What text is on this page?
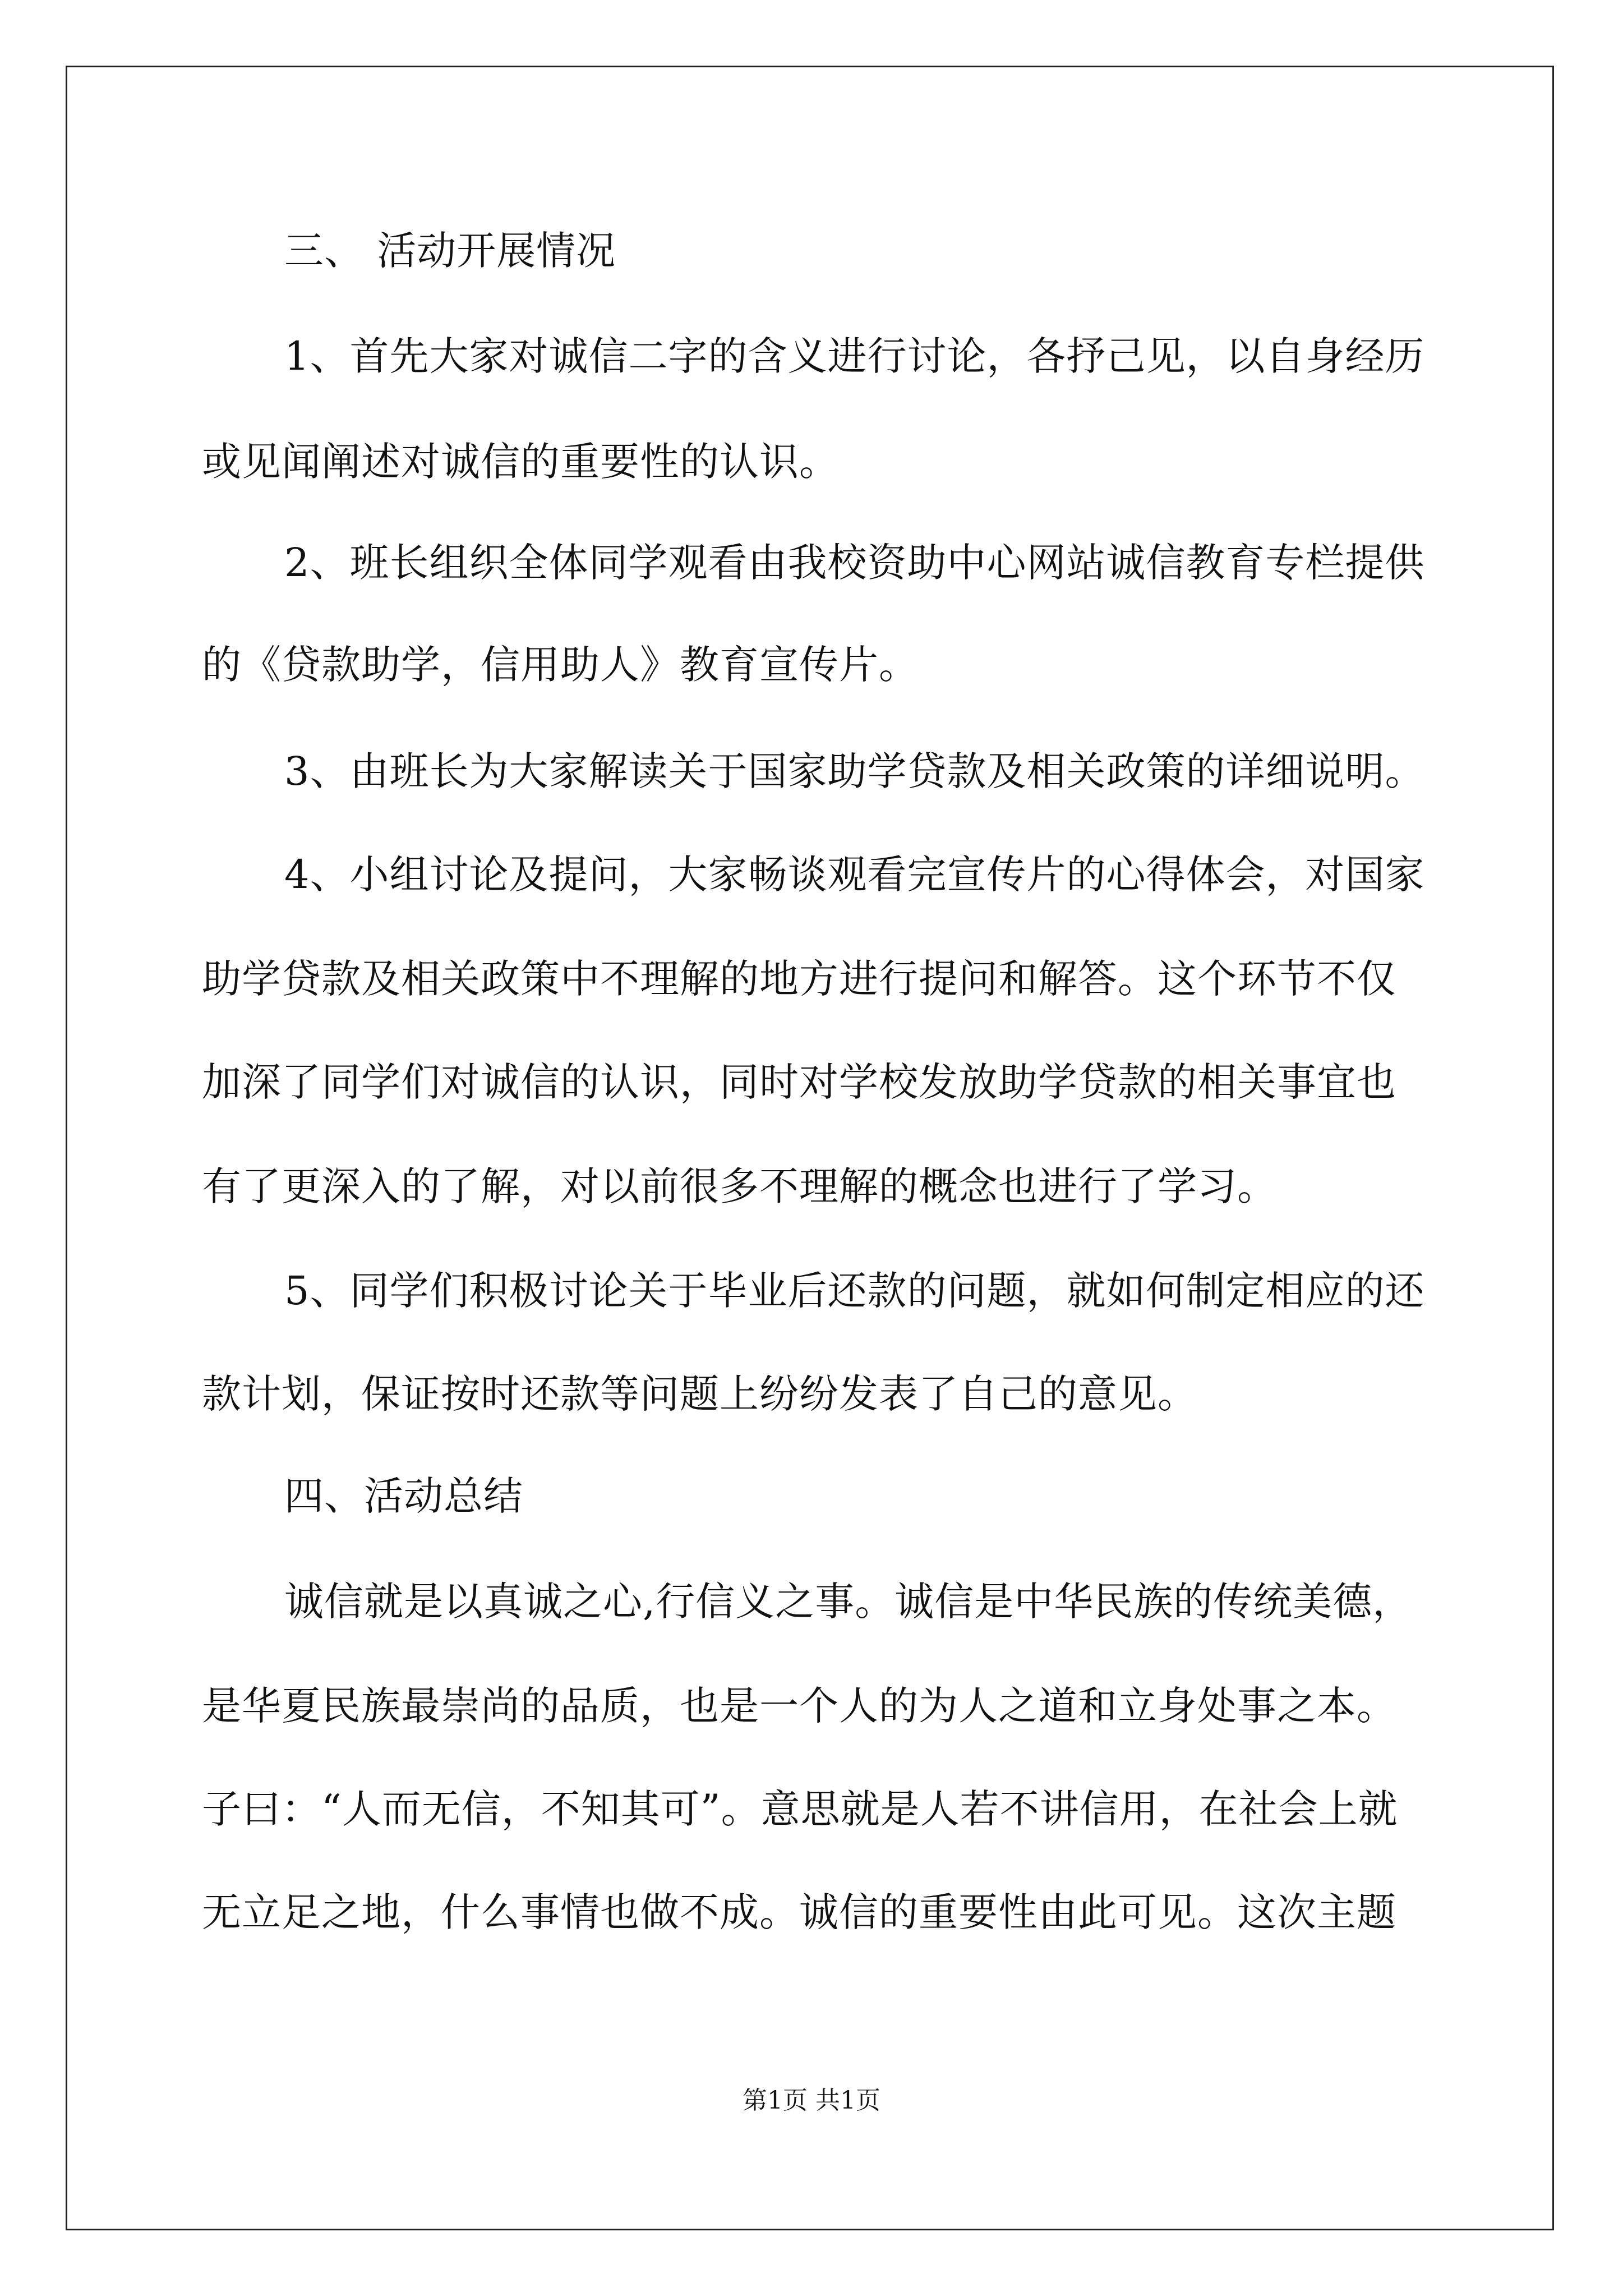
三、 活动开展情况
1、首先大家对诚信二字的含义进行讨论，各抒己见，以自身经历
或见闻阐述对诚信的重要性的认识。
2、班长组织全体同学观看由我校资助中心网站诚信教育专栏提供
的《贷款助学，信用助人》教育宣传片。
3、由班长为大家解读关于国家助学贷款及相关政策的详细说明。
4、小组讨论及提问，大家畅谈观看完宣传片的心得体会，对国家
助学贷款及相关政策中不理解的地方进行提问和解答。这个环节不仅
加深了同学们对诚信的认识，同时对学校发放助学贷款的相关事宜也
有了更深入的了解，对以前很多不理解的概念也进行了学习。
5、同学们积极讨论关于毕业后还款的问题，就如何制定相应的还
款计划，保证按时还款等问题上纷纷发表了自己的意见。
四、活动总结
诚信就是以真诚之心,行信义之事。诚信是中华民族的传统美德，
是华夏民族最崇尚的品质，也是一个人的为人之道和立身处事之本。
子曰：“人而无信，不知其可”。意思就是人若不讲信用，在社会上就
无立足之地，什么事情也做不成。诚信的重要性由此可见。这次主题
第1页 共1页
